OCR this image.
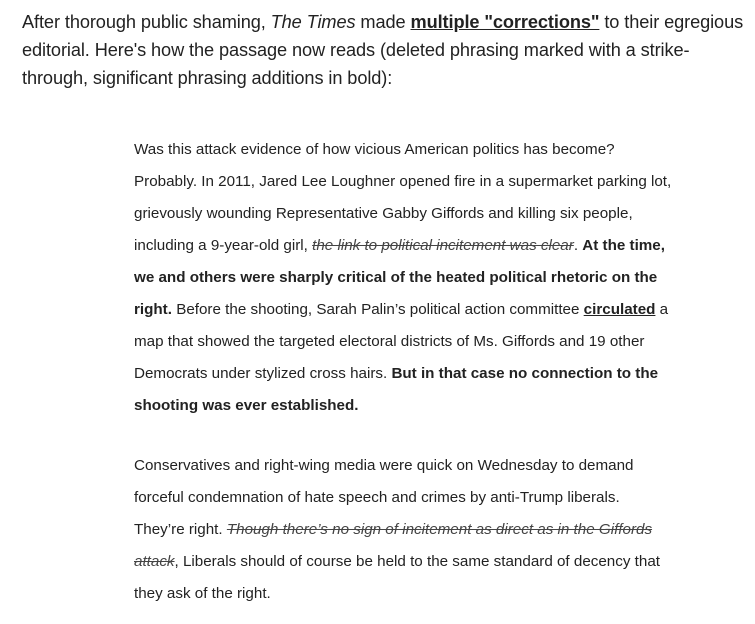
After thorough public shaming, The Times made multiple "corrections" to their egregious editorial. Here's how the passage now reads (deleted phrasing marked with a strike-through, significant phrasing additions in bold):

Was this attack evidence of how vicious American politics has become? Probably. In 2011, Jared Lee Loughner opened fire in a supermarket parking lot, grievously wounding Representative Gabby Giffords and killing six people, including a 9-year-old girl, the link to political incitement was clear. At the time, we and others were sharply critical of the heated political rhetoric on the right. Before the shooting, Sarah Palin’s political action committee circulated a map that showed the targeted electoral districts of Ms. Giffords and 19 other Democrats under stylized cross hairs. But in that case no connection to the shooting was ever established.

Conservatives and right-wing media were quick on Wednesday to demand forceful condemnation of hate speech and crimes by anti-Trump liberals. They’re right. Though there’s no sign of incitement as direct as in the Giffords attack, Liberals should of course be held to the same standard of decency that they ask of the right.
